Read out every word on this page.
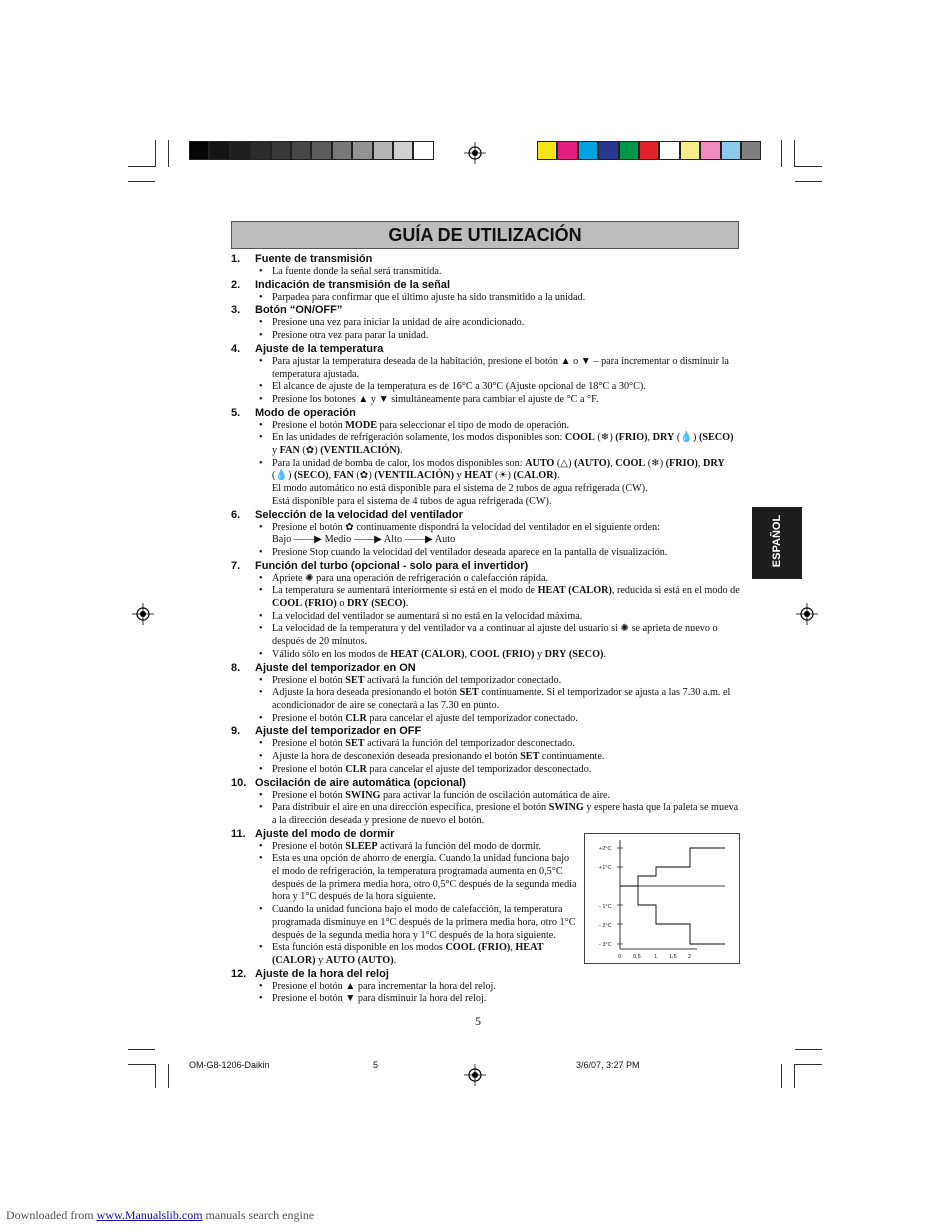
GUÍA DE UTILIZACIÓN
ESPAÑOL
1.	Fuente de transmisión
• La fuente donde la señal será transmitida.
2.	Indicación de transmisión de la señal
• Parpadea para confirmar que el último ajuste ha sido transmitido a la unidad.
3.	Botón “ON/OFF”
• Presione una vez para iniciar la unidad de aire acondicionado.
• Presione otra vez para parar la unidad.
4.	Ajuste de la temperatura
• Para ajustar la temperatura deseada de la habitación, presione el botón ▲ o ▼ – para incrementar o disminuir la temperatura ajustada.
• El alcance de ajuste de la temperatura es de 16°C a 30°C (Ajuste opcional de 18°C a 30°C).
• Presione los botones ▲ y ▼ simultáneamente para cambiar el ajuste de °C a °F.
5.	Modo de operación
• Presione el botón MODE para seleccionar el tipo de modo de operación.
• En las unidades de refrigeración solamente, los modos disponibles son: COOL (❄) (FRIO), DRY (💧) (SECO) y FAN (✿) (VENTILACIÓN).
• Para la unidad de bomba de calor, los modos disponibles son: AUTO (△) (AUTO), COOL (❄) (FRIO), DRY (💧) (SECO), FAN (✿) (VENTILACIÓN) y HEAT (☀) (CALOR).
El modo automático no está disponible para el sistema de 2 tubos de agua refrigerada (CW).
Está disponible para el sistema de 4 tubos de agua refrigerada (CW).
6.	Selección de la velocidad del ventilador
• Presione el botón ✿ continuamente dispondrá la velocidad del ventilador en el siguiente orden:
Bajo ——▶ Medio ——▶ Alto ——▶ Auto
• Presione Stop cuando la velocidad del ventilador deseada aparece en la pantalla de visualización.
7.	Función del turbo (opcional - solo para el invertidor)
• Apriete ✺ para una operación de refrigeración o calefacción rápida.
• La temperatura se aumentará interiormente si está en el modo de HEAT (CALOR), reducida si está en el modo de COOL (FRIO) o DRY (SECO).
• La velocidad del ventilador se aumentará si no está en la velocidad máxima.
• La velocidad de la temperatura y del ventilador va a continuar al ajuste del usuario si ✺ se aprieta de nuevo o después de 20 minutos.
• Válido sólo en los modos de HEAT (CALOR), COOL (FRIO) y DRY (SECO).
8.	Ajuste del temporizador en ON
• Presione el botón SET activará la función del temporizador conectado.
• Adjuste la hora deseada presionando el botón SET continuamente. Si el temporizador se ajusta a las 7.30 a.m. el acondicionador de aire se conectará a las 7.30 en punto.
• Presione el botón CLR para cancelar el ajuste del temporizador conectado.
9.	Ajuste del temporizador en OFF
• Presione el botón SET activará la función del temporizador desconectado.
• Ajuste la hora de desconexión deseada presionando el botón SET continuamente.
• Presione el botón CLR para cancelar el ajuste del temporizador desconectado.
10. Oscilación de aire automática (opcional)
• Presione el botón SWING para activar la función de oscilación automática de aire.
• Para distribuir el aire en una dirección específica, presione el botón SWING y espere hasta que la paleta se mueva a la dirección deseada y presione de nuevo el botón.
11. Ajuste del modo de dormir
• Presione el botón SLEEP activará la función del modo de dormir.
• Esta es una opción de ahorro de energía. Cuando la unidad funciona bajo el modo de refrigeración, la temperatura programada aumenta en 0,5°C después de la primera media hora, otro 0,5°C después de la segunda media hora y 1°C después de la hora siguiente.
• Cuando la unidad funciona bajo el modo de calefacción, la temperatura programada disminuye en 1°C después de la primera media hora, otro 1°C después de la segunda media hora y 1°C después de la hora siguiente.
• Esta función está disponible en los modos COOL (FRIO), HEAT (CALOR) y AUTO (AUTO).
12. Ajuste de la hora del reloj
• Presione el botón ▲ para incrementar la hora del reloj.
• Presione el botón ▼ para disminuir la hora del reloj.
+2°C
+1°C
- 1°C
- 2°C
- 3°C
0 0,5 1 1,5 2
5
OM-G8-1206-Daikin	5	3/6/07, 3:27 PM
Downloaded from www.Manualslib.com manuals search engine
